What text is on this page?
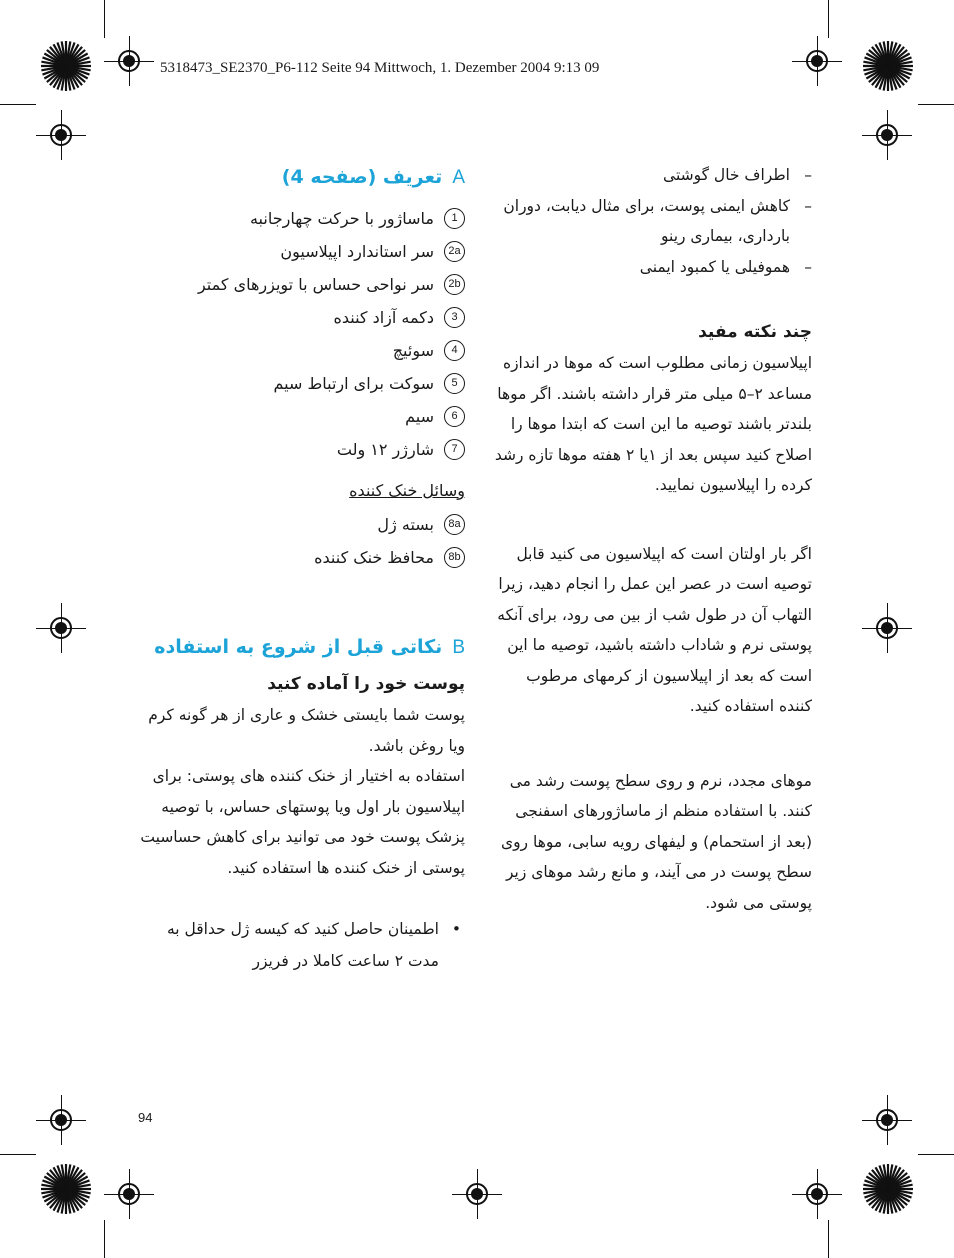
5318473_SE2370_P6-112 Seite 94 Mittwoch, 1. Dezember 2004 9:13 09
– اطراف خال گوشتی
– کاهش ایمنی پوست، برای مثال دیابت، دوران بارداری، بیماری رینو
– هموفیلی یا کمبود ایمنی
چند نکته مفید

اپیلاسیون زمانی مطلوب است که موها در اندازه مساعد ۲–۵ میلی متر قرار داشته باشند. اگر موها بلندتر باشند توصیه ما این است که ابتدا موها را اصلاح کنید سپس بعد از ۱یا ۲ هفته موها تازه رشد کرده را اپیلاسیون نمایید.

اگر بار اولتان است که اپیلاسیون می کنید قابل توصیه است در عصر این عمل را انجام دهید، زیرا التهاب آن در طول شب از بین می رود، برای آنکه پوستی نرم و شاداب داشته باشید، توصیه ما این است که بعد از اپیلاسیون از کرمهای مرطوب کننده استفاده کنید.

موهای مجدد، نرم و روی سطح پوست رشد می کنند. با استفاده منظم از ماساژورهای اسفنجی (بعد از استحمام) و لیفهای رویه سابی، موها روی سطح پوست در می آیند، و مانع رشد موهای زیر پوستی می شود.

Aتعریف (صفحه 4)
1
ماساژور با حرکت چهارجانبه
2a
سر استاندارد اپیلاسیون
2b
سر نواحی حساس با تویزرهای کمتر
3
دکمه آزاد کننده
4
سوئیچ
5
سوکت برای ارتباط سیم
6
سیم
7
شارژر ۱۲ ولت
وسائل خنک کننده
8a
بسته ژل
8b
محافظ خنک کننده
Bنکاتی قبل از شروع به استفاده
پوست خود را آماده کنید

پوست شما بایستی خشک و عاری از هر گونه کرم ویا روغن باشد.

استفاده به اختیار از خنک کننده های پوستی: برای اپیلاسیون بار اول ویا پوستهای حساس، با توصیه پزشک پوست خود می توانید برای کاهش حساسیت پوستی از خنک کننده ها استفاده کنید.

• اطمینان حاصل کنید که کیسه ژل حداقل به مدت ۲ ساعت کاملا در فریزر
94
